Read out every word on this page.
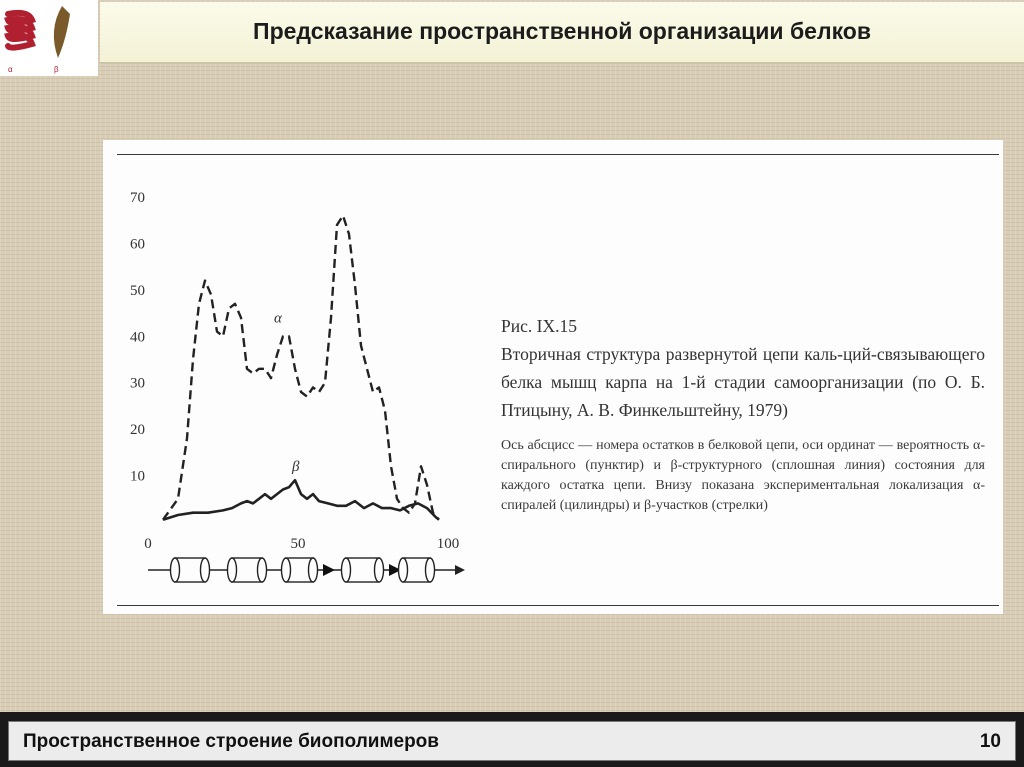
α	β
Предсказание пространственной организации белков
10
20
30
40
50
60
70
0	50	100
α
β
Рис. IX.15
Вторичная структура развернутой цепи каль-ций-связывающего белка мышц карпа на 1-й стадии самоорганизации (по О. Б. Птицыну, А. В. Финкельштейну, 1979)
Ось абсцисс — номера остатков в белковой цепи, оси ординат — вероятность α-спирального (пунктир) и β-структурного (сплошная линия) состояния для каждого остатка цепи. Внизу показана экспериментальная локализация α-спиралей (цилиндры) и β-участков (стрелки)
Пространственное строение биополимеров	10
